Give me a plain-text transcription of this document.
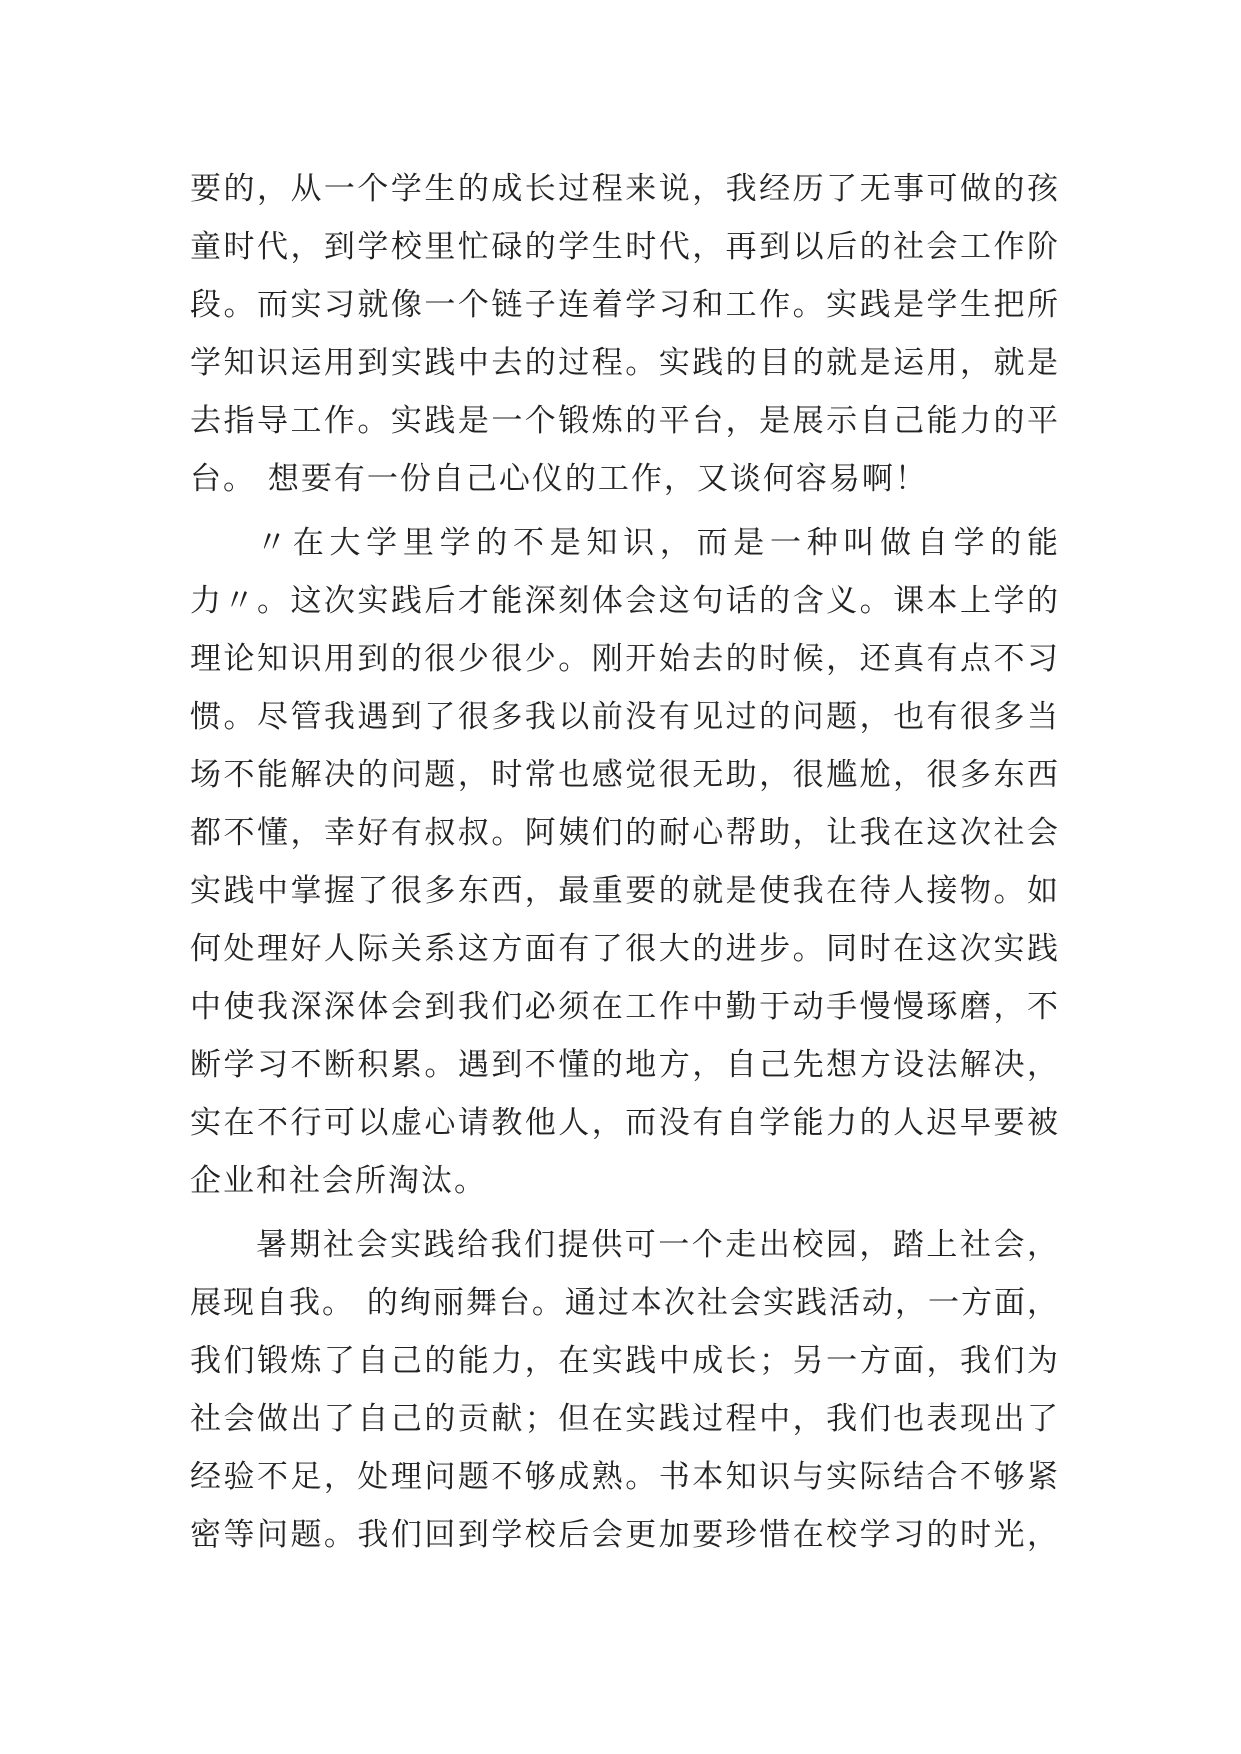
要的，从一个学生的成长过程来说，我经历了无事可做的孩
童时代，到学校里忙碌的学生时代，再到以后的社会工作阶
段。而实习就像一个链子连着学习和工作。实践是学生把所
学知识运用到实践中去的过程。实践的目的就是运用，就是
去指导工作。实践是一个锻炼的平台，是展示自己能力的平
台。 想要有一份自己心仪的工作，又谈何容易啊！
〃在大学里学的不是知识，而是一种叫做自学的能
力〃。这次实践后才能深刻体会这句话的含义。课本上学的
理论知识用到的很少很少。刚开始去的时候，还真有点不习
惯。尽管我遇到了很多我以前没有见过的问题，也有很多当
场不能解决的问题，时常也感觉很无助，很尴尬，很多东西
都不懂，幸好有叔叔。阿姨们的耐心帮助，让我在这次社会
实践中掌握了很多东西，最重要的就是使我在待人接物。如
何处理好人际关系这方面有了很大的进步。同时在这次实践
中使我深深体会到我们必须在工作中勤于动手慢慢琢磨，不
断学习不断积累。遇到不懂的地方，自己先想方设法解决，
实在不行可以虚心请教他人，而没有自学能力的人迟早要被
企业和社会所淘汰。
暑期社会实践给我们提供可一个走出校园，踏上社会，
展现自我。 的绚丽舞台。通过本次社会实践活动，一方面，
我们锻炼了自己的能力，在实践中成长；另一方面，我们为
社会做出了自己的贡献；但在实践过程中，我们也表现出了
经验不足，处理问题不够成熟。书本知识与实际结合不够紧
密等问题。我们回到学校后会更加要珍惜在校学习的时光，
